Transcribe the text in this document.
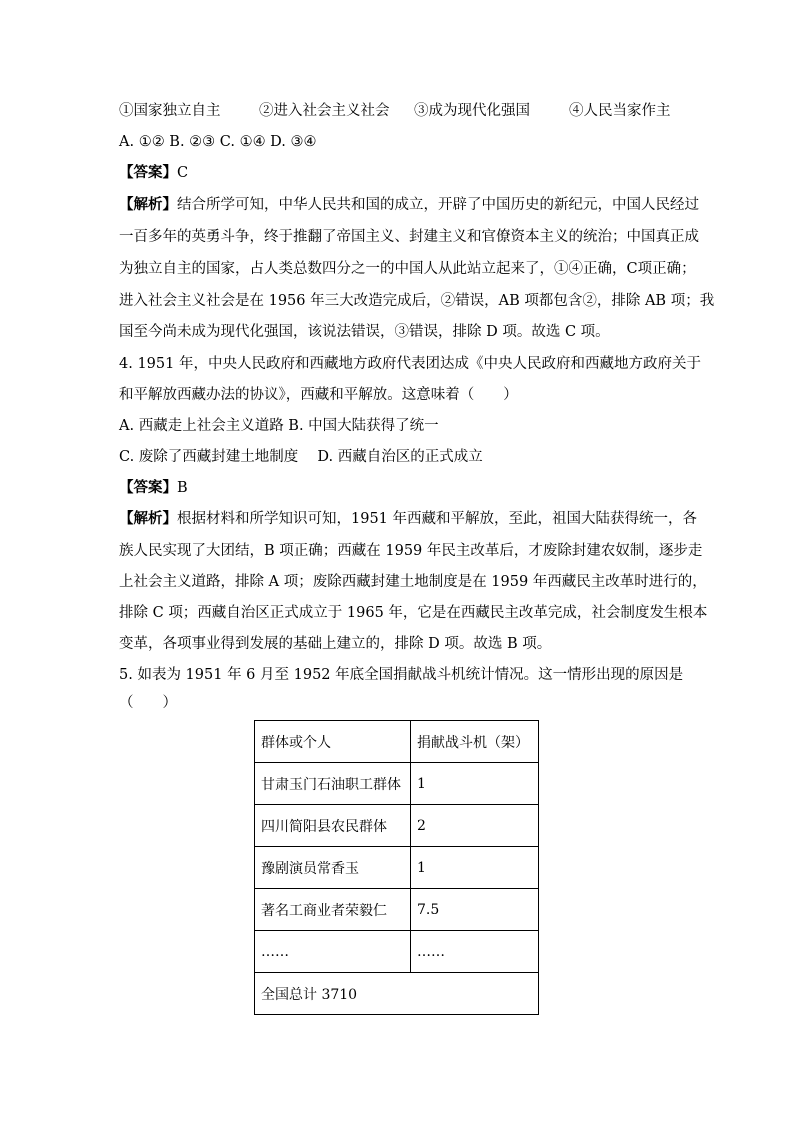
①国家独立自主	②进入社会主义社会 ③成为现代化强国	④人民当家作主
A. ①② B. ②③ C. ①④ D. ③④
【答案】C
【解析】结合所学可知，中华人民共和国的成立，开辟了中国历史的新纪元，中国人民经过
一百多年的英勇斗争，终于推翻了帝国主义、封建主义和官僚资本主义的统治；中国真正成
为独立自主的国家，占人类总数四分之一的中国人从此站立起来了，①④正确，C项正确；
进入社会主义社会是在 1956 年三大改造完成后，②错误，AB 项都包含②，排除 AB 项；我
国至今尚未成为现代化强国，该说法错误，③错误，排除 D 项。故选 C 项。
4. 1951 年，中央人民政府和西藏地方政府代表团达成《中央人民政府和西藏地方政府关于
和平解放西藏办法的协议》，西藏和平解放。这意味着（　　）
A. 西藏走上社会主义道路 B. 中国大陆获得了统一
C. 废除了西藏封建土地制度　 D. 西藏自治区的正式成立
【答案】B
【解析】根据材料和所学知识可知，1951 年西藏和平解放，至此，祖国大陆获得统一，各
族人民实现了大团结，B 项正确；西藏在 1959 年民主改革后，才废除封建农奴制，逐步走
上社会主义道路，排除 A 项；废除西藏封建土地制度是在 1959 年西藏民主改革时进行的，
排除 C 项；西藏自治区正式成立于 1965 年，它是在西藏民主改革完成，社会制度发生根本
变革，各项事业得到发展的基础上建立的，排除 D 项。故选 B 项。
5. 如表为 1951 年 6 月至 1952 年底全国捐献战斗机统计情况。这一情形出现的原因是
（　　）
群体或个人	捐献战斗机（架）
甘肃玉门石油职工群体	1
四川简阳县农民群体	2
豫剧演员常香玉	1
著名工商业者荣毅仁	7.5
……	……
全国总计 3710	
